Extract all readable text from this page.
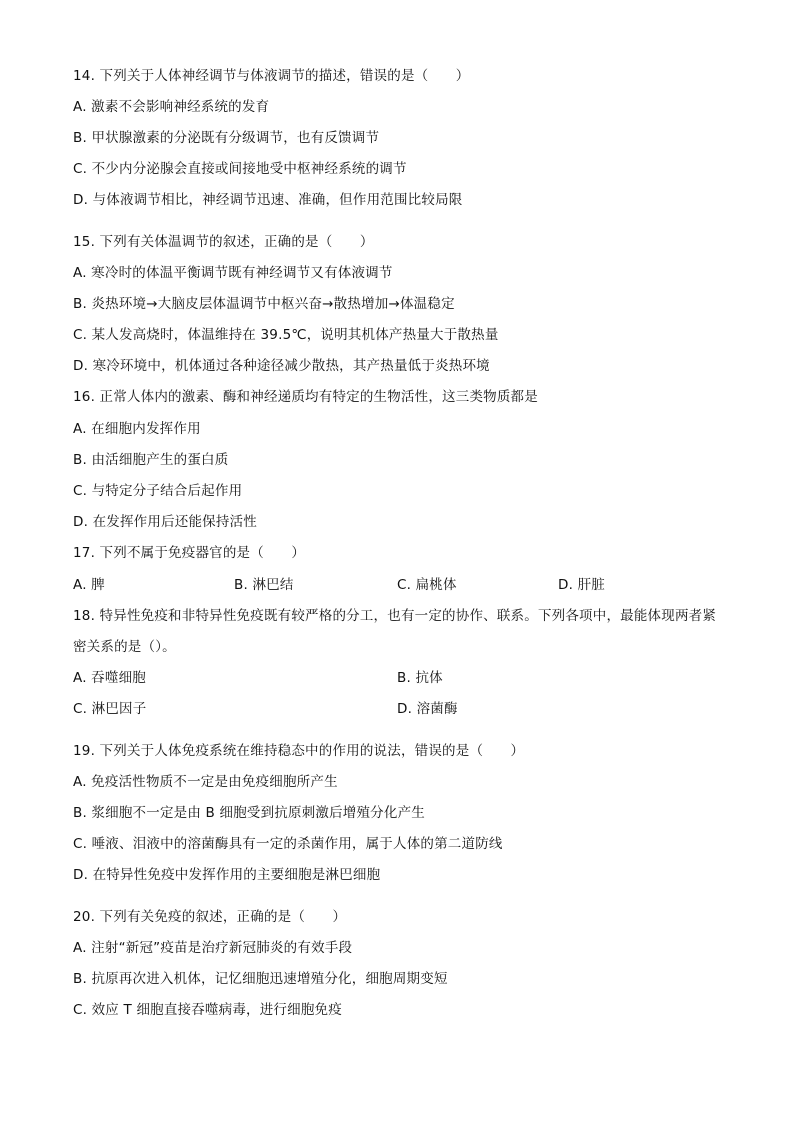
14. 下列关于人体神经调节与体液调节的描述，错误的是（　　）
A. 激素不会影响神经系统的发育
B. 甲状腺激素的分泌既有分级调节，也有反馈调节
C. 不少内分泌腺会直接或间接地受中枢神经系统的调节
D. 与体液调节相比，神经调节迅速、准确，但作用范围比较局限
15. 下列有关体温调节的叙述，正确的是（　　）
A. 寒冷时的体温平衡调节既有神经调节又有体液调节
B. 炎热环境→大脑皮层体温调节中枢兴奋→散热增加→体温稳定
C. 某人发高烧时，体温维持在 39.5℃，说明其机体产热量大于散热量
D. 寒冷环境中，机体通过各种途径减少散热，其产热量低于炎热环境
16. 正常人体内的激素、酶和神经递质均有特定的生物活性，这三类物质都是
A. 在细胞内发挥作用
B. 由活细胞产生的蛋白质
C. 与特定分子结合后起作用
D. 在发挥作用后还能保持活性
17. 下列不属于免疫器官的是（　　）
A. 脾	B. 淋巴结	C. 扁桃体	D. 肝脏
18. 特异性免疫和非特异性免疫既有较严格的分工，也有一定的协作、联系。下列各项中，最能体现两者紧
密关系的是（）。
A. 吞噬细胞	B. 抗体
C. 淋巴因子	D. 溶菌酶
19. 下列关于人体免疫系统在维持稳态中的作用的说法，错误的是（　　）
A. 免疫活性物质不一定是由免疫细胞所产生
B. 浆细胞不一定是由 B 细胞受到抗原刺激后增殖分化产生
C. 唾液、泪液中的溶菌酶具有一定的杀菌作用，属于人体的第二道防线
D. 在特异性免疫中发挥作用的主要细胞是淋巴细胞
20. 下列有关免疫的叙述，正确的是（　　）
A. 注射“新冠”疫苗是治疗新冠肺炎的有效手段
B. 抗原再次进入机体，记忆细胞迅速增殖分化，细胞周期变短
C. 效应 T 细胞直接吞噬病毒，进行细胞免疫
